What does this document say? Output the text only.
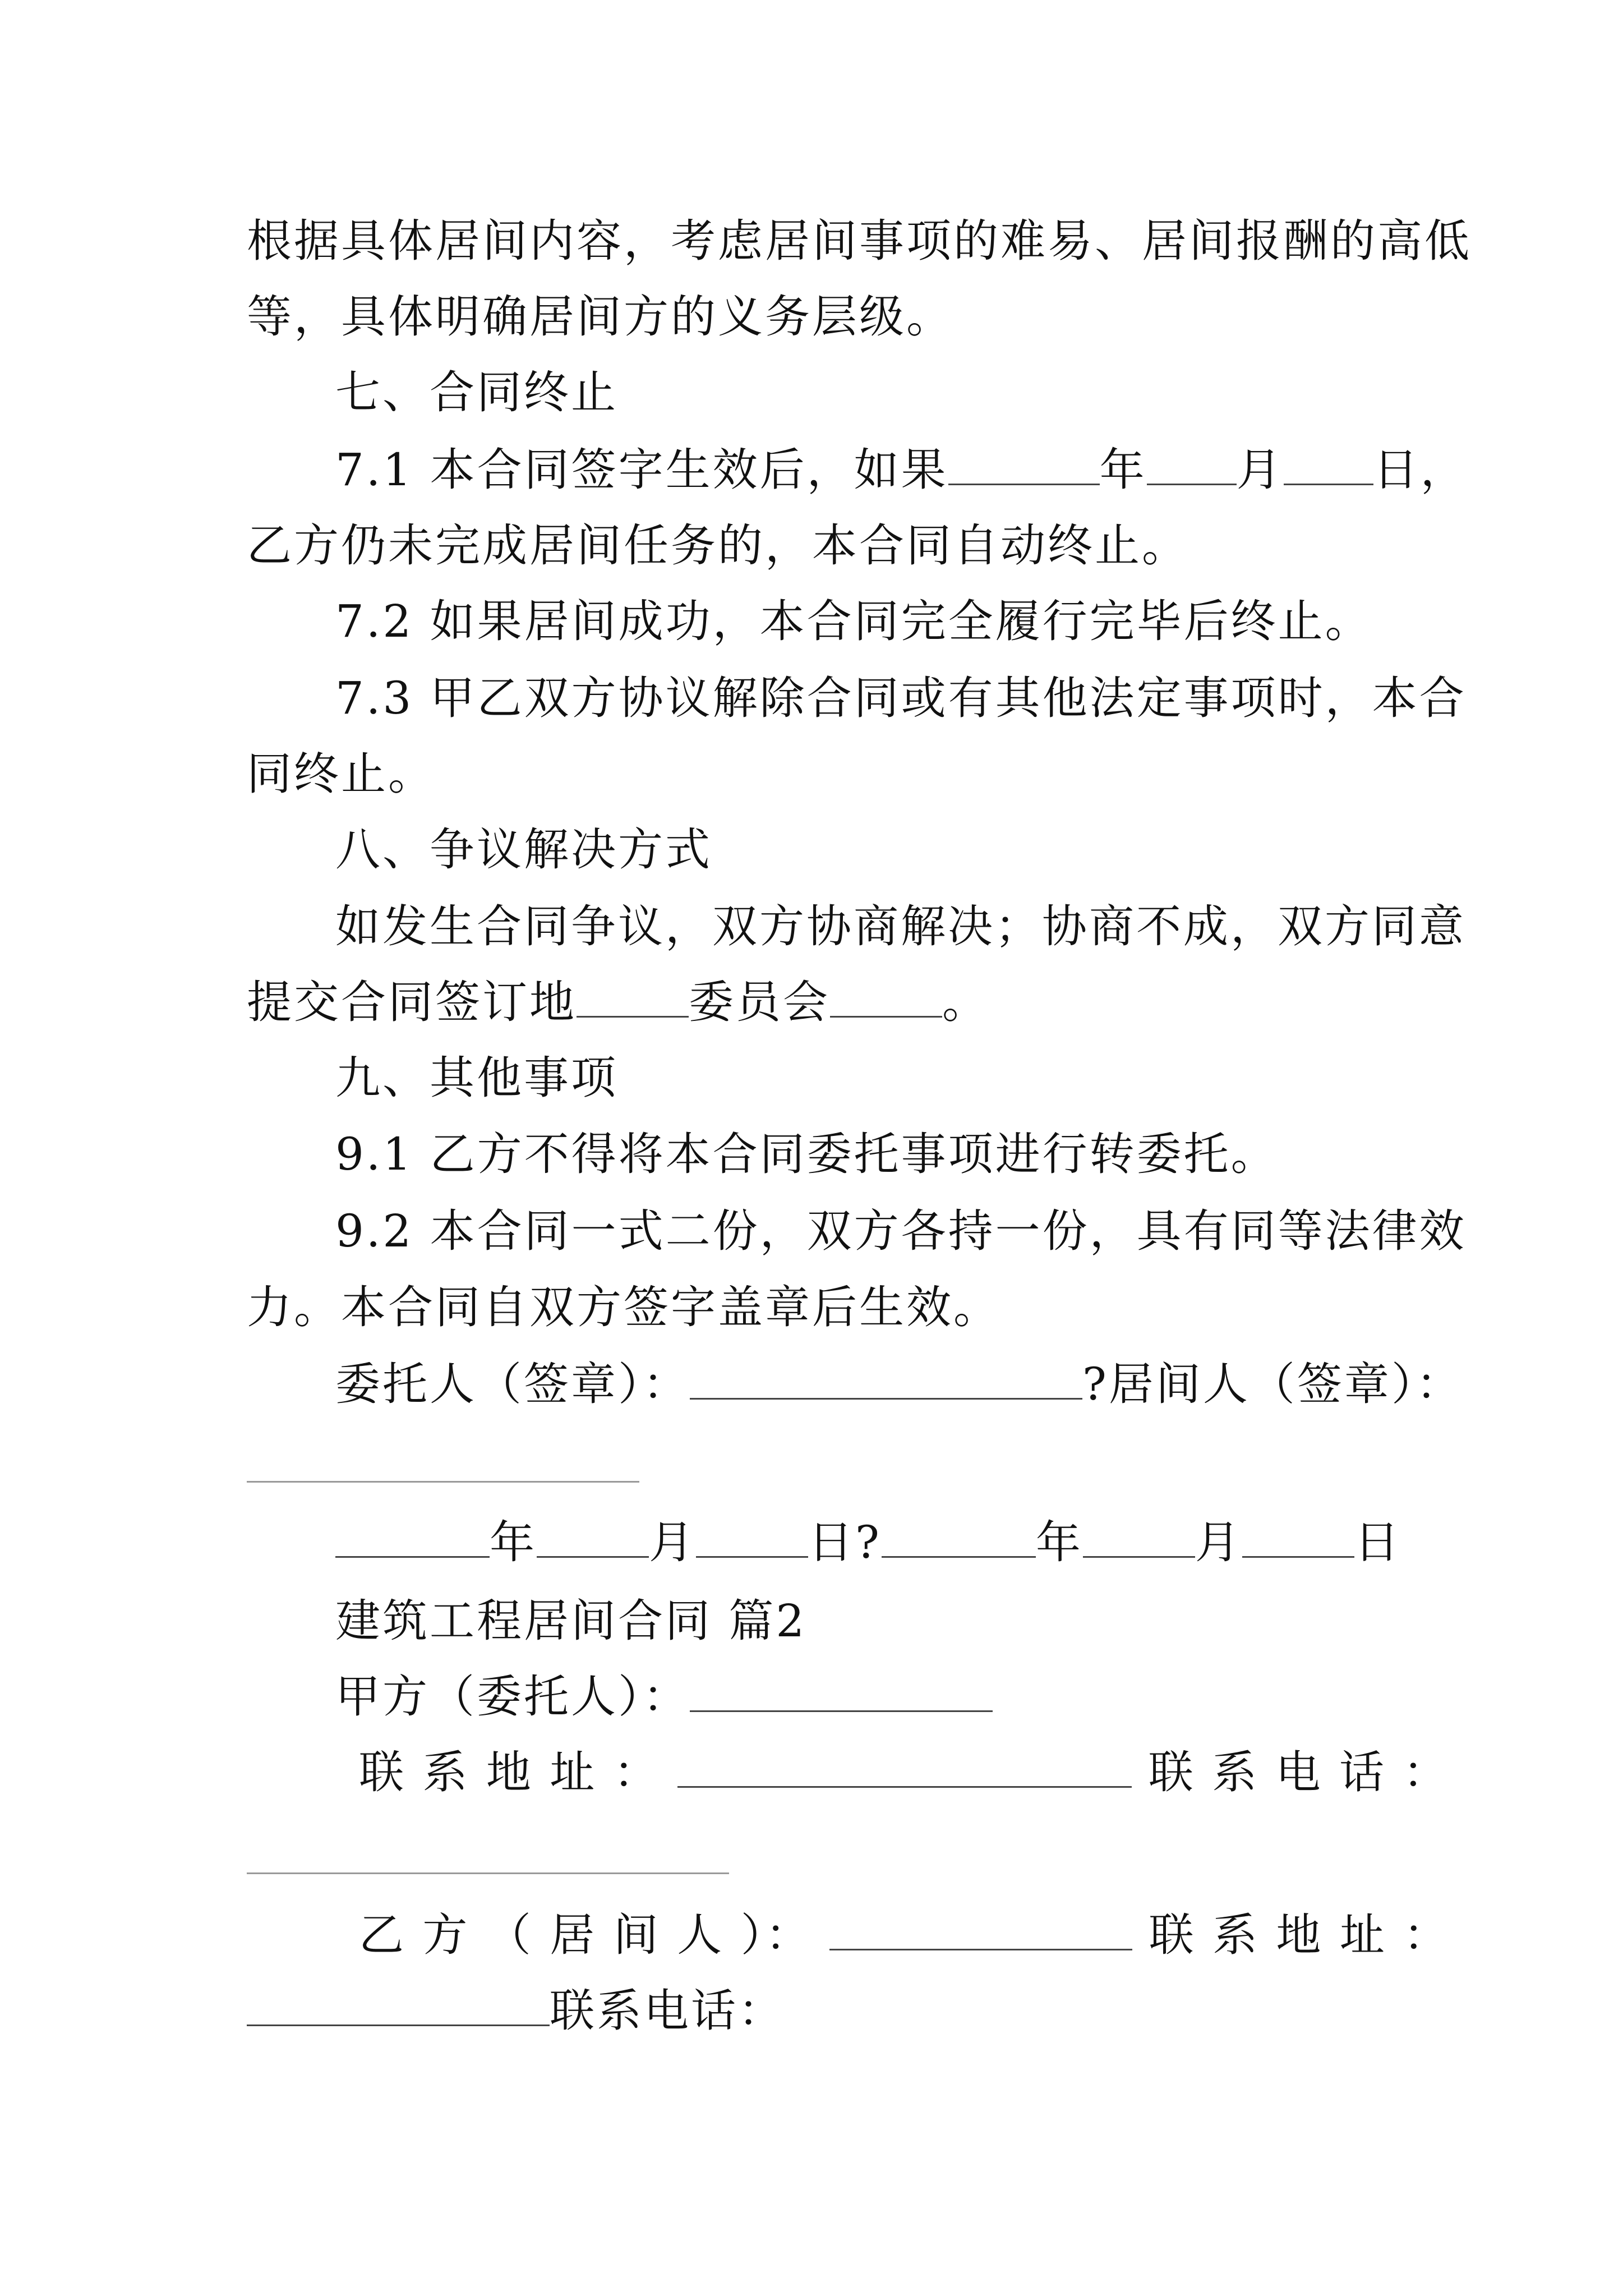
根据具体居间内容，考虑居间事项的难易、居间报酬的高低
等，具体明确居间方的义务层级。
七、合同终止
7.1 本合同签字生效后，如果	年 月 日，
乙方仍未完成居间任务的，本合同自动终止。
7.2 如果居间成功，本合同完全履行完毕后终止。
7.3 甲乙双方协议解除合同或有其他法定事项时，本合
同终止。
八、争议解决方式
如发生合同争议，双方协商解决；协商不成，双方同意
提交合同签订地	委员会	。
九、其他事项
9.1 乙方不得将本合同委托事项进行转委托。
9.2 本合同一式二份，双方各持一份，具有同等法律效
力。本合同自双方签字盖章后生效。
委托人（签章）：	?居间人（签章）：
年	月	日?	年	月	日
建筑工程居间合同 篇2
甲方（委托人）：
联 系 地 址 ：	联 系 电 话 ：
乙 方 （ 居 间 人 ）：	联 系 地 址 ：
联系电话：
